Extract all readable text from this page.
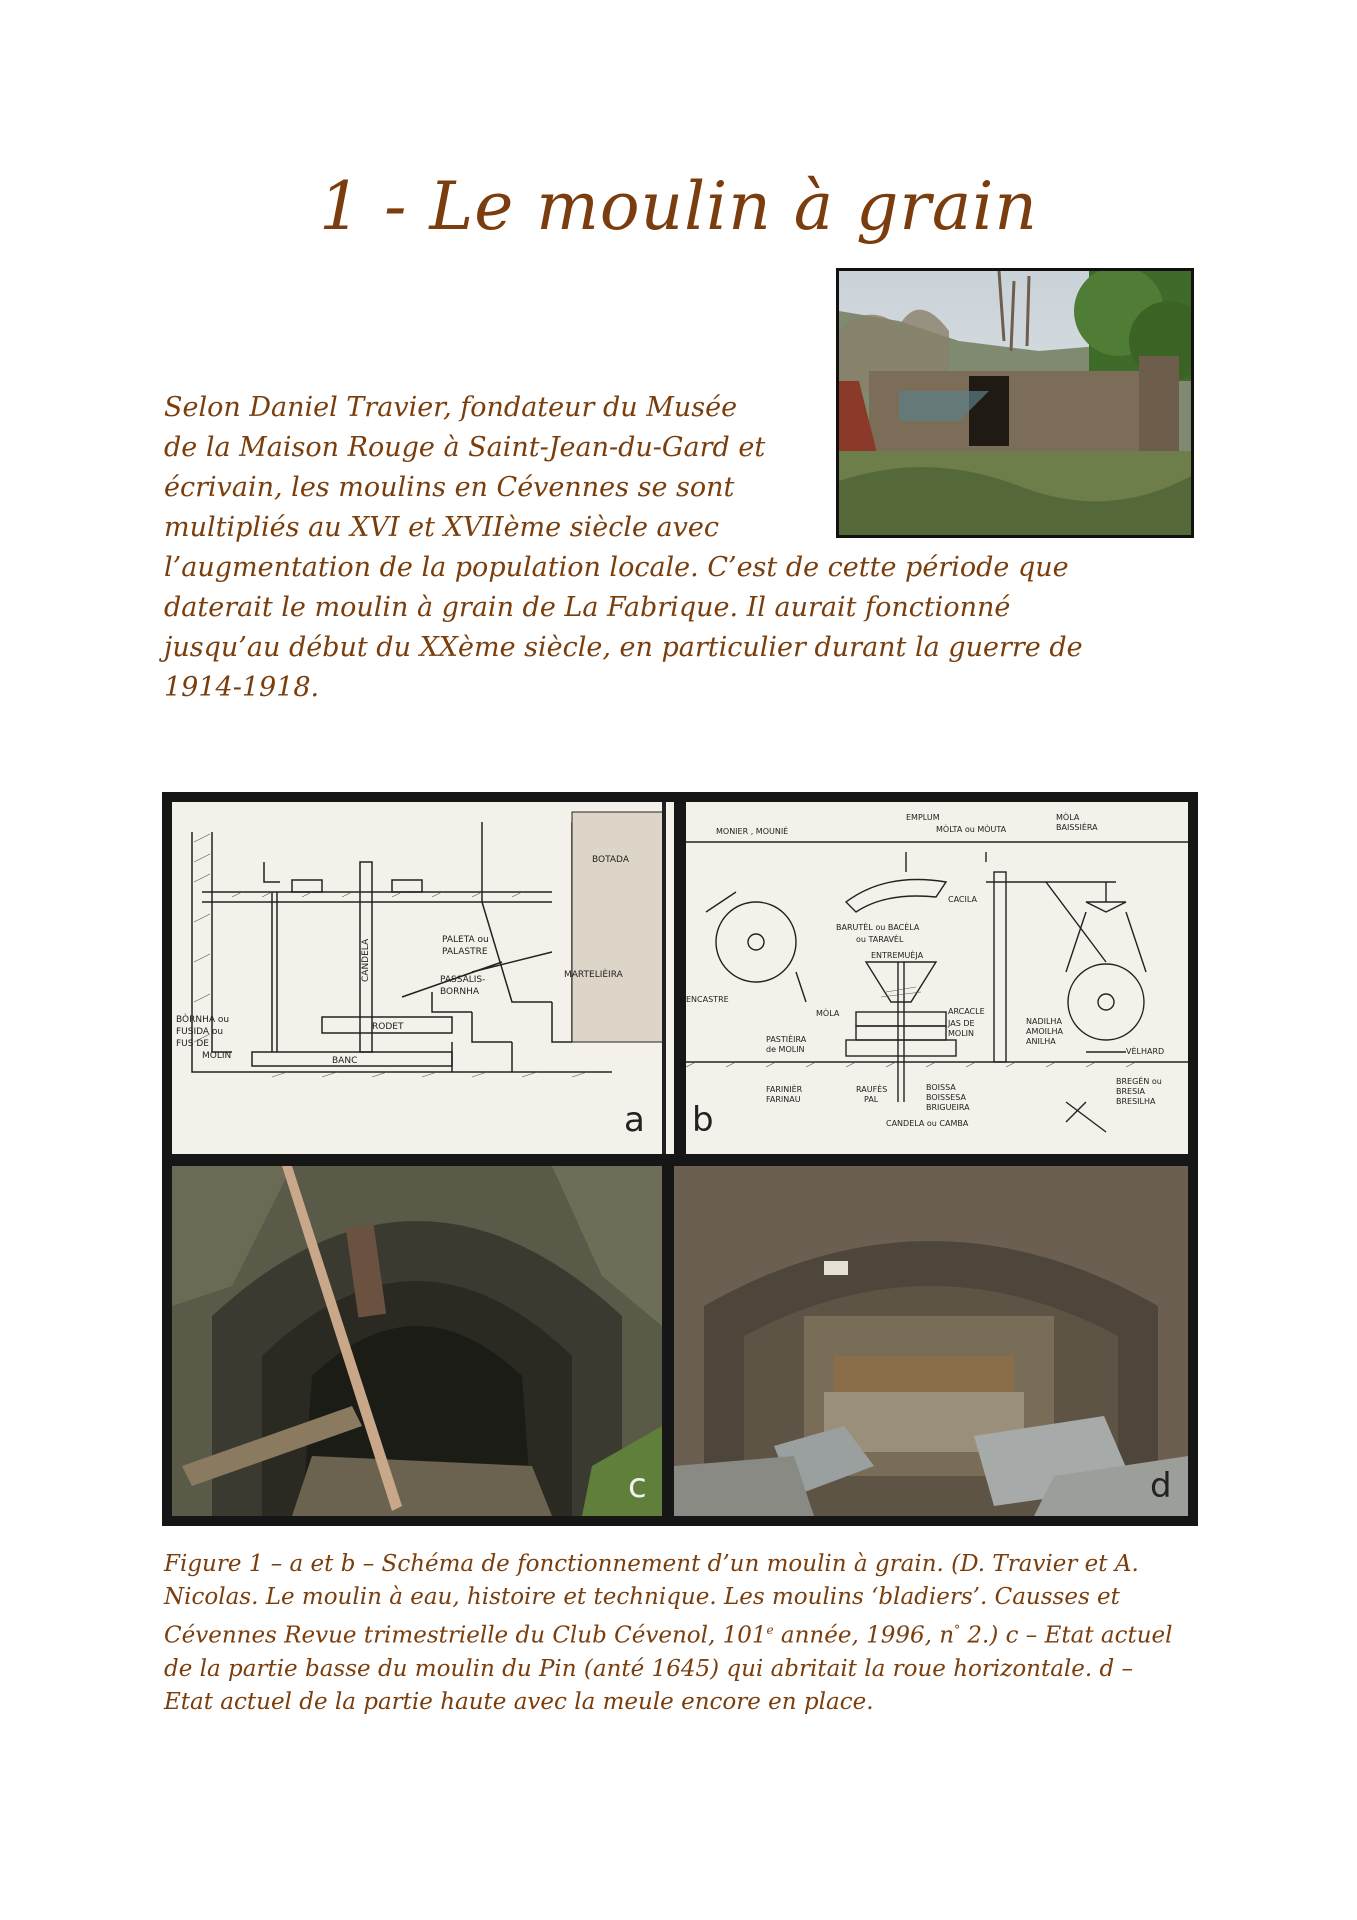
1 - Le moulin à grain
Selon Daniel Travier, fondateur du Musée
de la Maison Rouge à Saint-Jean-du-Gard et
écrivain, les moulins en Cévennes se sont
multipliés au XVI et XVIIème siècle avec
l’augmentation de la population locale. C’est de cette période que
daterait le moulin à grain de La Fabrique. Il aurait fonctionné
jusqu’au début du XXème siècle, en particulier durant la guerre de
1914-1918.
BOTADA
PALETA ou
PALASTRE
CANDELA	PASSALIS-
BORNHA
MARTELIÈIRA
RODET
BANC
BÒRNHA ou
FUSIDA ou
FUS DE
MOLIN
a
MONIER , MOUNIÉ
EMPLUM
MÒLTA ou MÒUTA
MÒLA
BAISSIÈRA
CACILA
BARUTÈL ou BACÈLA
ou TARAVÈL
ENTREMUÈJA
ENCASTRE
MÒLA	ARCACLE
JAS DE
MOLIN
NADILHA
AMOILHA
ANILHA
PASTIÈIRA
de MOLIN	VÈLHARD
FARINIÈR
FARINAU
RAUFÈS
PAL
BOISSA
BOISSESA
BRIGUEIRA
CANDELA ou CAMBA
BREGÉN ou
BRESIA
BRESILHA
b
c	d
Figure 1 – a et b – Schéma de fonctionnement d’un moulin à grain. (D. Travier et A.
Nicolas. Le moulin à eau, histoire et technique. Les moulins ‘bladiers’. Causses et
Cévennes Revue trimestrielle du Club Cévenol, 101e année, 1996, n° 2.) c – Etat actuel
de la partie basse du moulin du Pin (anté 1645) qui abritait la roue horizontale. d –
Etat actuel de la partie haute avec la meule encore en place.
